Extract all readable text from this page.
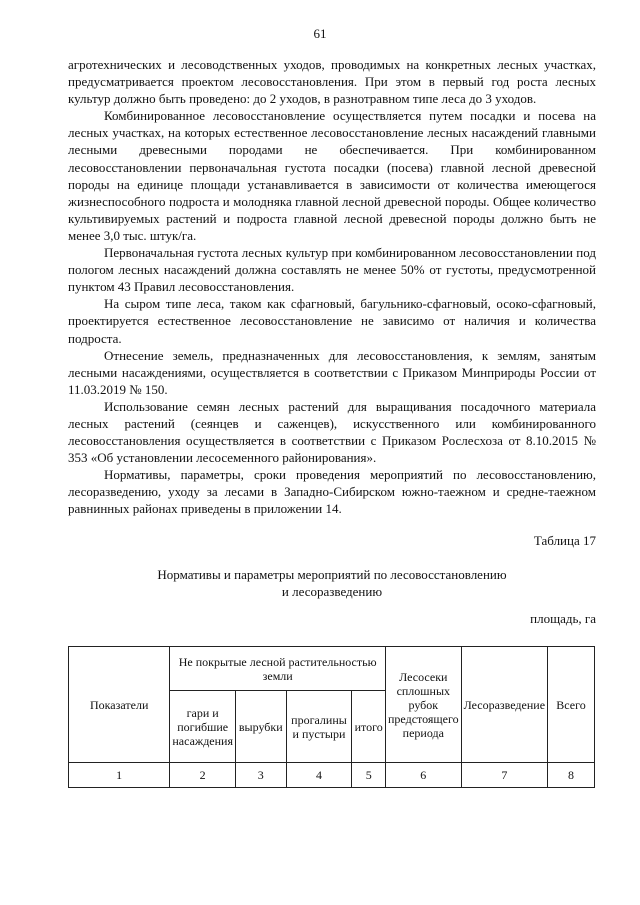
61

агротехнических и лесоводственных уходов, проводимых на конкретных лесных участках, предусматривается проектом лесовосстановления. При этом в первый год роста лесных культур должно быть проведено: до 2 уходов, в разнотравном типе леса до 3 уходов.

Комбинированное лесовосстановление осуществляется путем посадки и посева на лесных участках, на которых естественное лесовосстановление лесных насаждений главными лесными древесными породами не обеспечивается. При комбинированном лесовосстановлении первоначальная густота посадки (посева) главной лесной древесной породы на единице площади устанавливается в зависимости от количества имеющегося жизнеспособного подроста и молодняка главной лесной древесной породы. Общее количество культивируемых растений и подроста главной лесной древесной породы должно быть не менее 3,0 тыс. штук/га.

Первоначальная густота лесных культур при комбинированном лесовосстановлении под пологом лесных насаждений должна составлять не менее 50% от густоты, предусмотренной пунктом 43 Правил лесовосстановления.

На сыром типе леса, таком как сфагновый, багульнико-сфагновый, осоко-сфагновый, проектируется естественное лесовосстановление не зависимо от наличия и количества подроста.

Отнесение земель, предназначенных для лесовосстановления, к землям, занятым лесными насаждениями, осуществляется в соответствии с Приказом Минприроды России от 11.03.2019 № 150.

Использование семян лесных растений для выращивания посадочного материала лесных растений (сеянцев и саженцев), искусственного или комбинированного лесовосстановления осуществляется в соответствии с Приказом Рослесхоза от 8.10.2015 № 353 «Об установлении лесосеменного районирования».

Нормативы, параметры, сроки проведения мероприятий по лесовосстановлению, лесоразведению, уходу за лесами в Западно-Сибирском южно-таежном и средне-таежном равнинных районах приведены в приложении 14.

Таблица 17
Нормативы и параметры мероприятий по лесовосстановлению
и лесоразведению
площадь, га
Показатели	Не покрытые лесной растительностью земли				Лесосеки сплошных рубок предстоящего периода	Лесоразведение	Всего
	гари и погибшие насаждения	вырубки	прогалины и пустыри	итого			
1	2	3	4	5	6	7	8
